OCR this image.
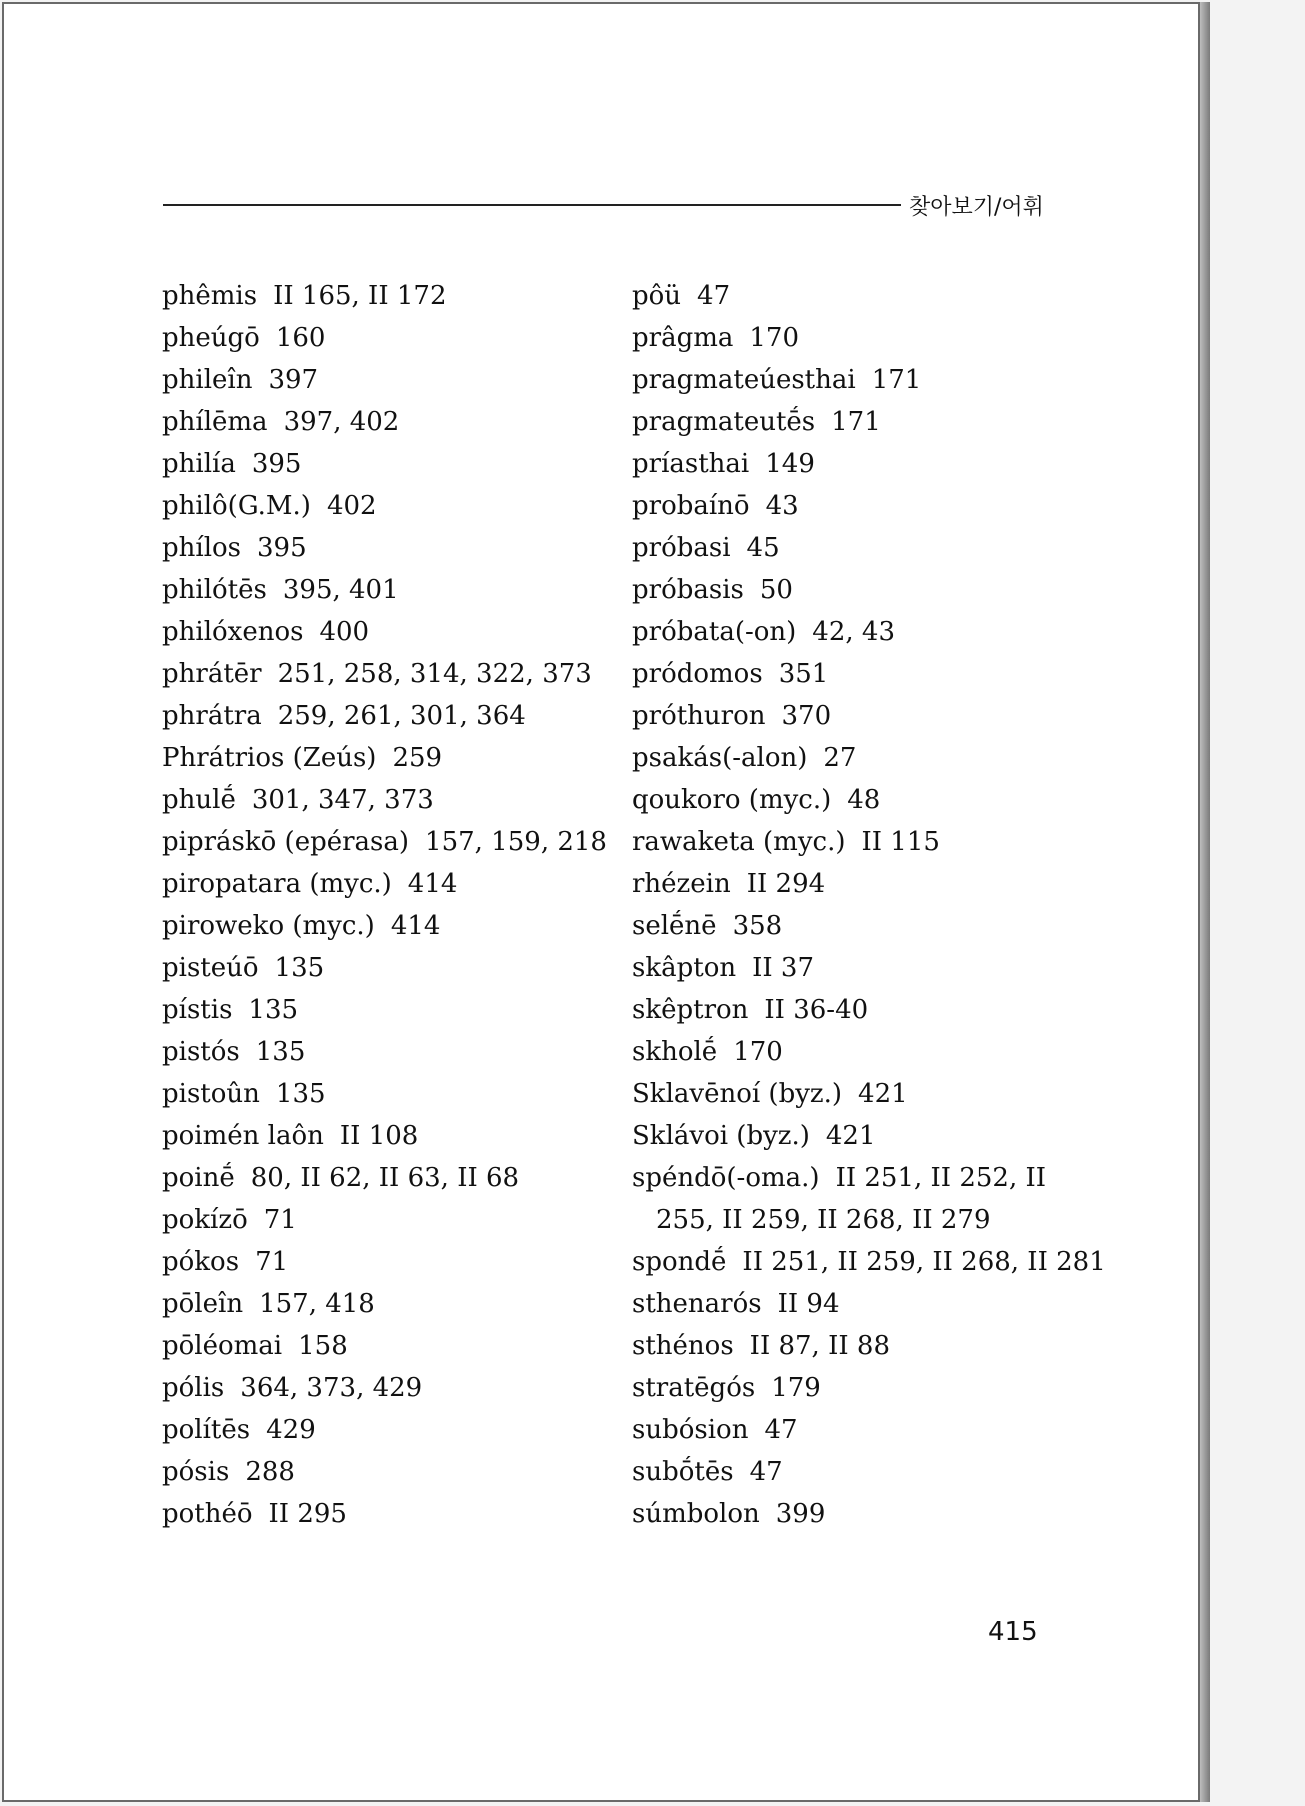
찾아보기/어휘
phêmis II 165, II 172
pheúgō 160
phileîn 397
phílēma 397, 402
philía 395
philô(G.M.) 402
phílos 395
philótēs 395, 401
philóxenos 400
phrátēr 251, 258, 314, 322, 373
phrátra 259, 261, 301, 364
Phrátrios (Zeús) 259
phulḗ 301, 347, 373
pipráskō (epérasa) 157, 159, 218
piropatara (myc.) 414
piroweko (myc.) 414
pisteúō 135
pístis 135
pistós 135
pistoûn 135
poimén laôn II 108
poinḗ 80, II 62, II 63, II 68
pokízō 71
pókos 71
pōleîn 157, 418
pōléomai 158
pólis 364, 373, 429
polítēs 429
pósis 288
pothéō II 295
pôü 47
prâgma 170
pragmateúesthai 171
pragmateutḗs 171
príasthai 149
probaínō 43
próbasi 45
próbasis 50
próbata(-on) 42, 43
pródomos 351
próthuron 370
psakás(-alon) 27
qoukoro (myc.) 48
rawaketa (myc.) II 115
rhézein II 294
selḗnē 358
skâpton II 37
skêptron II 36-40
skholḗ 170
Sklavēnoí (byz.) 421
Sklávoi (byz.) 421
spéndō(-oma.) II 251, II 252, II 255, II 259, II 268, II 279
spondḗ II 251, II 259, II 268, II 281
sthenarós II 94
sthénos II 87, II 88
stratēgós 179
subósion 47
subṓtēs 47
súmbolon 399
415
